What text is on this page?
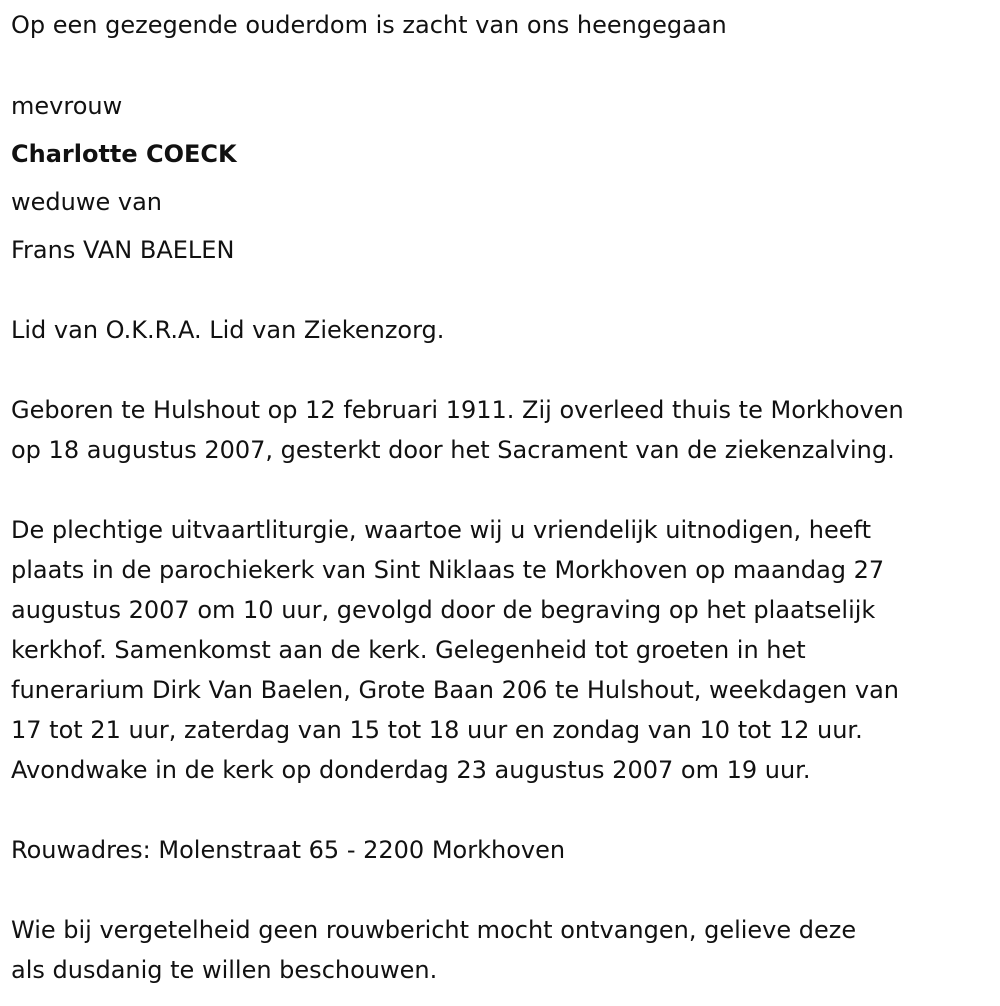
Op een gezegende ouderdom is zacht van ons heengegaan
mevrouw
Charlotte COECK
weduwe van
Frans VAN BAELEN
Lid van O.K.R.A. Lid van Ziekenzorg.
Geboren te Hulshout op 12 februari 1911. Zij overleed thuis te Morkhoven
op 18 augustus 2007, gesterkt door het Sacrament van de ziekenzalving.
De plechtige uitvaartliturgie, waartoe wij u vriendelijk uitnodigen, heeft
plaats in de parochiekerk van Sint Niklaas te Morkhoven op maandag 27
augustus 2007 om 10 uur, gevolgd door de begraving op het plaatselijk
kerkhof. Samenkomst aan de kerk. Gelegenheid tot groeten in het
funerarium Dirk Van Baelen, Grote Baan 206 te Hulshout, weekdagen van
17 tot 21 uur, zaterdag van 15 tot 18 uur en zondag van 10 tot 12 uur.
Avondwake in de kerk op donderdag 23 augustus 2007 om 19 uur.
Rouwadres: Molenstraat 65 - 2200 Morkhoven
Wie bij vergetelheid geen rouwbericht mocht ontvangen, gelieve deze
als dusdanig te willen beschouwen.
